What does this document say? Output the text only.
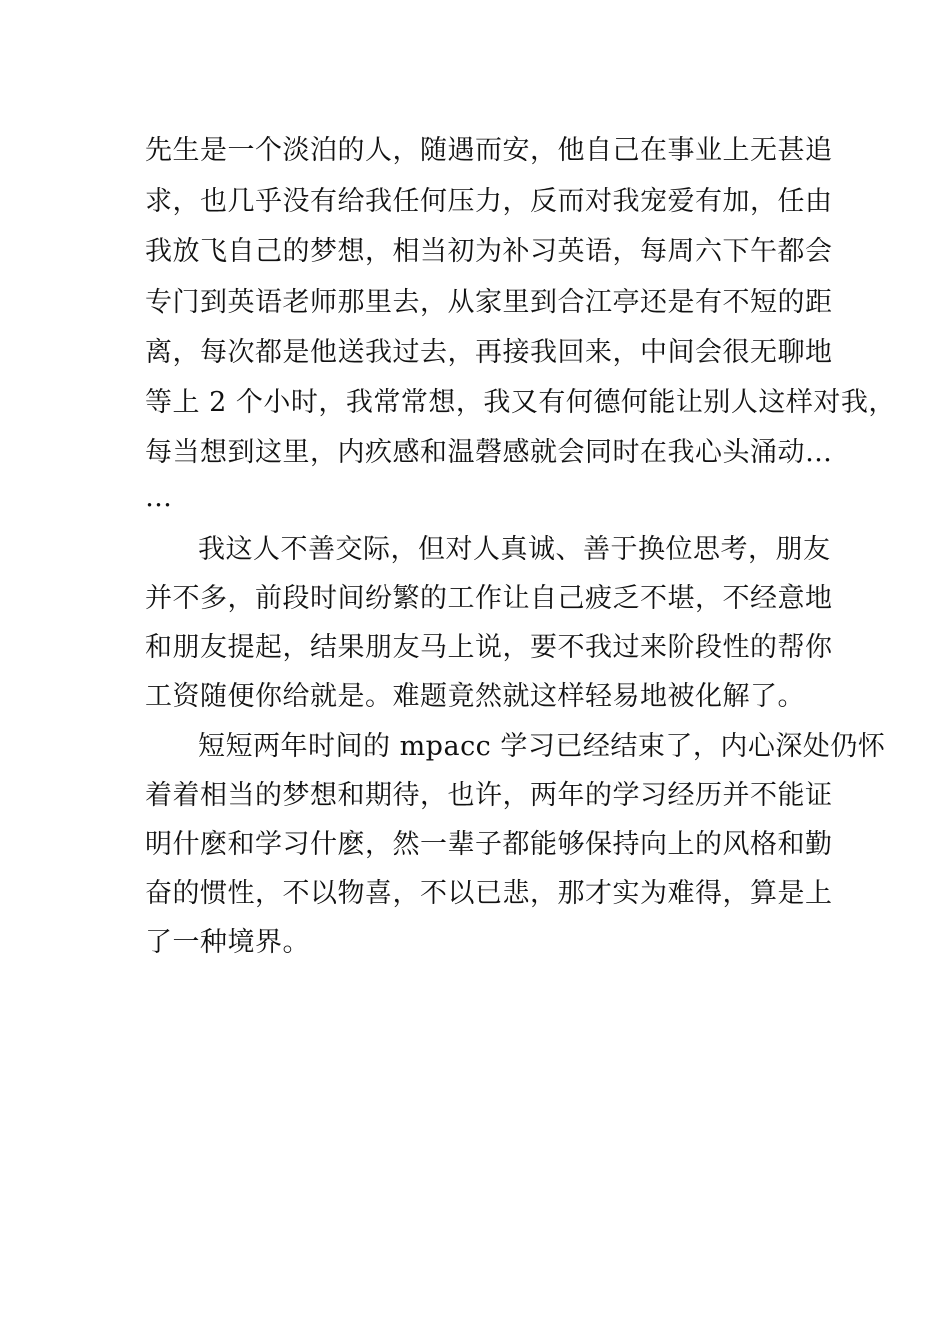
先生是一个淡泊的人，随遇而安，他自己在事业上无甚追
求，也几乎没有给我任何压力，反而对我宠爱有加，任由
我放飞自己的梦想，相当初为补习英语，每周六下午都会
专门到英语老师那里去，从家里到合江亭还是有不短的距
离，每次都是他送我过去，再接我回来，中间会很无聊地
等上 2 个小时，我常常想，我又有何德何能让别人这样对我，
每当想到这里，内疚感和温磬感就会同时在我心头涌动…
…
我这人不善交际，但对人真诚、善于换位思考，朋友
并不多，前段时间纷繁的工作让自己疲乏不堪，不经意地
和朋友提起，结果朋友马上说，要不我过来阶段性的帮你
工资随便你给就是。难题竟然就这样轻易地被化解了。
短短两年时间的 mpacc 学习已经结束了，内心深处仍怀
着着相当的梦想和期待，也许，两年的学习经历并不能证
明什麽和学习什麽，然一辈子都能够保持向上的风格和勤
奋的惯性，不以物喜，不以已悲，那才实为难得，算是上
了一种境界。
